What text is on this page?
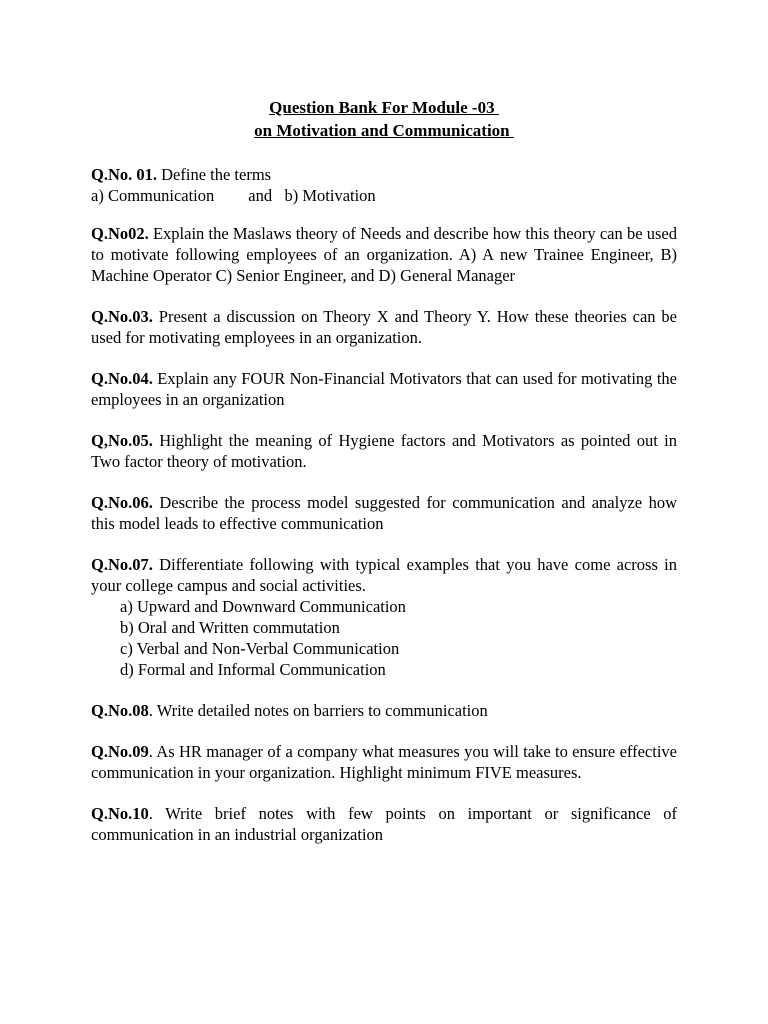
Question Bank For Module -03
on Motivation and Communication
Q.No. 01. Define the terms
a) Communication and b) Motivation

Q.No02. Explain the Maslaws theory of Needs and describe how this theory can be used to motivate following employees of an organization. A) A new Trainee Engineer, B) Machine Operator C) Senior Engineer, and D) General Manager

Q.No.03. Present a discussion on Theory X and Theory Y. How these theories can be used for motivating employees in an organization.

Q.No.04. Explain any FOUR Non-Financial Motivators that can used for motivating the employees in an organization

Q,No.05. Highlight the meaning of Hygiene factors and Motivators as pointed out in Two factor theory of motivation.

Q.No.06. Describe the process model suggested for communication and analyze how this model leads to effective communication

Q.No.07. Differentiate following with typical examples that you have come across in your college campus and social activities.

a) Upward and Downward Communication
b) Oral and Written commutation
c) Verbal and Non-Verbal Communication
d) Formal and Informal Communication

Q.No.08. Write detailed notes on barriers to communication

Q.No.09. As HR manager of a company what measures you will take to ensure effective communication in your organization. Highlight minimum FIVE measures.

Q.No.10. Write brief notes with few points on important or significance of communication in an industrial organization
